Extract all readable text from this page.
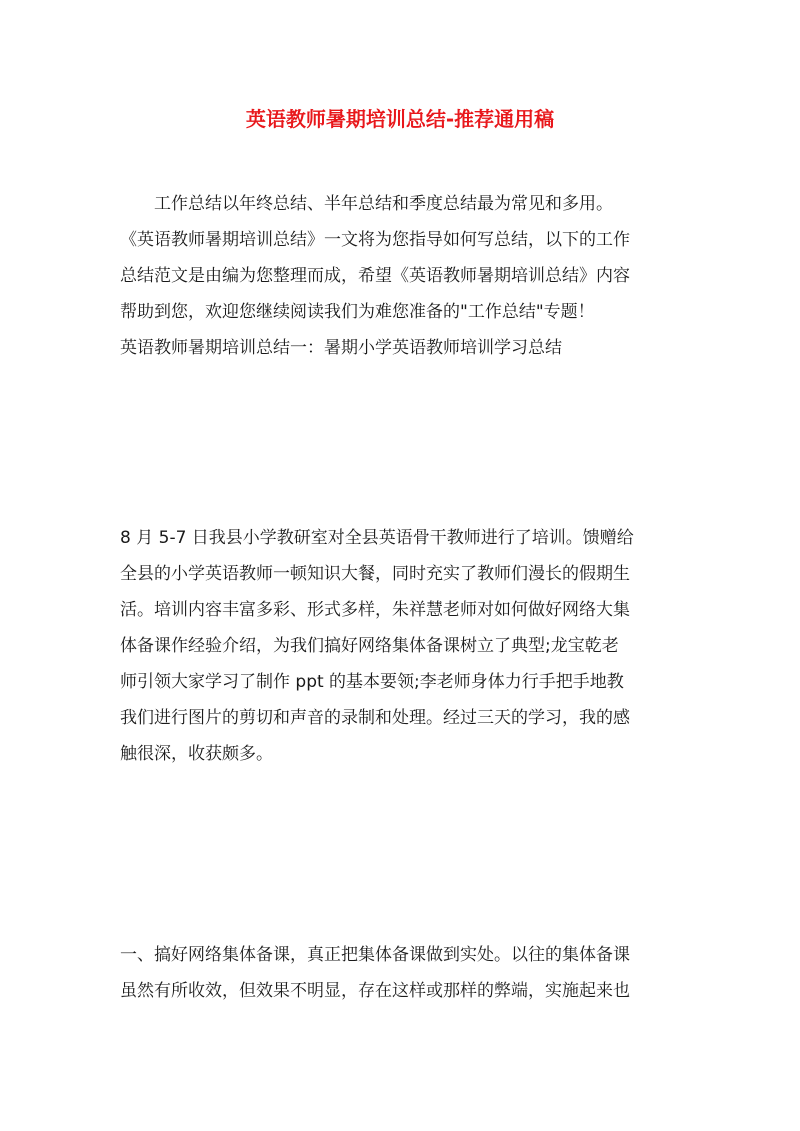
英语教师暑期培训总结-推荐通用稿
　　工作总结以年终总结、半年总结和季度总结最为常见和多用。
《英语教师暑期培训总结》一文将为您指导如何写总结，以下的工作
总结范文是由编为您整理而成，希望《英语教师暑期培训总结》内容
帮助到您，欢迎您继续阅读我们为难您准备的"工作总结"专题！
英语教师暑期培训总结一：暑期小学英语教师培训学习总结
8 月 5-7 日我县小学教研室对全县英语骨干教师进行了培训。馈赠给
全县的小学英语教师一顿知识大餐，同时充实了教师们漫长的假期生
活。培训内容丰富多彩、形式多样，朱祥慧老师对如何做好网络大集
体备课作经验介绍，为我们搞好网络集体备课树立了典型;龙宝乾老
师引领大家学习了制作 ppt 的基本要领;李老师身体力行手把手地教
我们进行图片的剪切和声音的录制和处理。经过三天的学习，我的感
触很深，收获颇多。
一、搞好网络集体备课，真正把集体备课做到实处。以往的集体备课
虽然有所收效，但效果不明显，存在这样或那样的弊端，实施起来也
